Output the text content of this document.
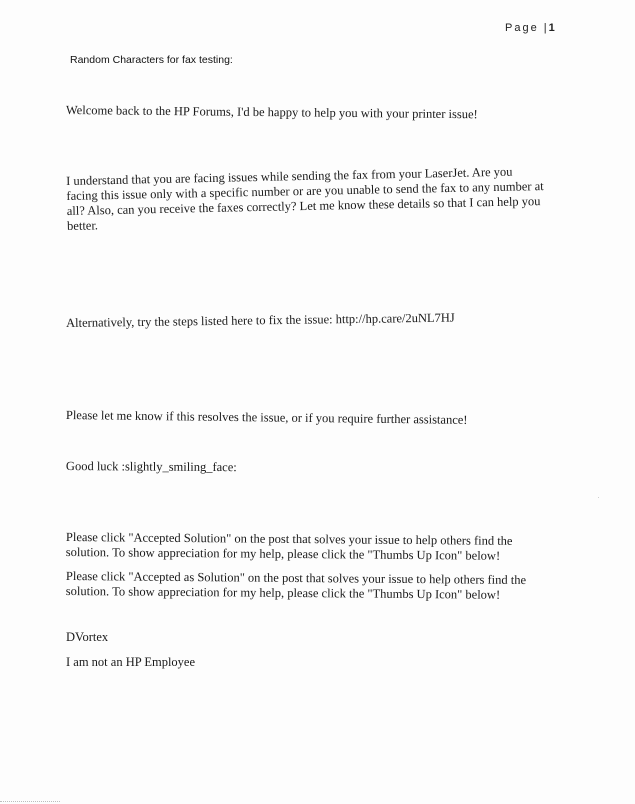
Page |1
Random Characters for fax testing:
Welcome back to the HP Forums, I'd be happy to help you with your printer issue!
I understand that you are facing issues while sending the fax from your LaserJet. Are you facing this issue only with a specific number or are you unable to send the fax to any number at all? Also, can you receive the faxes correctly? Let me know these details so that I can help you better.
Alternatively, try the steps listed here to fix the issue: http://hp.care/2uNL7HJ
Please let me know if this resolves the issue, or if you require further assistance!
Good luck :slightly_smiling_face:
Please click "Accepted Solution" on the post that solves your issue to help others find the solution. To show appreciation for my help, please click the "Thumbs Up Icon" below!
Please click "Accepted as Solution" on the post that solves your issue to help others find the solution. To show appreciation for my help, please click the "Thumbs Up Icon" below!
DVortex
I am not an HP Employee
